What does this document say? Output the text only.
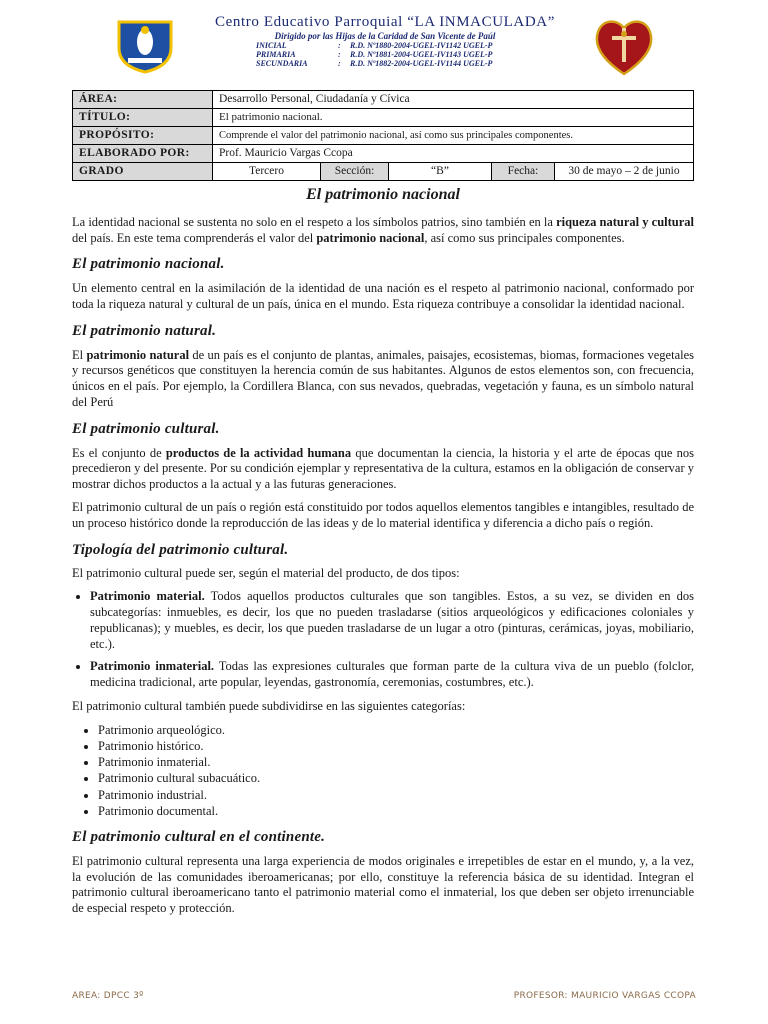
Centro Educativo Parroquial “LA INMACULADA”
Dirigido por las Hijas de la Caridad de San Vicente de Paúl
INICIAL	: R.D. Nº1880-2004-UGEL-IV1142 UGEL-P
PRIMARIA	: R.D. Nº1881-2004-UGEL-IV1143 UGEL-P
SECUNDARIA	: R.D. Nº1882-2004-UGEL-IV1144 UGEL-P
ÁREA:	Desarrollo Personal, Ciudadanía y Cívica				
TÍTULO:	El patrimonio nacional.				
PROPÓSITO:	Comprende el valor del patrimonio nacional, así como sus principales componentes.				
ELABORADO POR:	Prof. Mauricio Vargas Ccopa				
GRADO	Tercero	Sección:	“B”	Fecha:	30 de mayo – 2 de junio
El patrimonio nacional

La identidad nacional se sustenta no solo en el respeto a los símbolos patrios, sino también en la riqueza natural y cultural del país. En este tema comprenderás el valor del patrimonio nacional, así como sus principales componentes.

El patrimonio nacional.

Un elemento central en la asimilación de la identidad de una nación es el respeto al patrimonio nacional, conformado por toda la riqueza natural y cultural de un país, única en el mundo. Esta riqueza contribuye a consolidar la identidad nacional.

El patrimonio natural.

El patrimonio natural de un país es el conjunto de plantas, animales, paisajes, ecosistemas, biomas, formaciones vegetales y recursos genéticos que constituyen la herencia común de sus habitantes. Algunos de estos elementos son, con frecuencia, únicos en el país. Por ejemplo, la Cordillera Blanca, con sus nevados, quebradas, vegetación y fauna, es un símbolo natural del Perú

El patrimonio cultural.

Es el conjunto de productos de la actividad humana que documentan la ciencia, la historia y el arte de épocas que nos precedieron y del presente. Por su condición ejemplar y representativa de la cultura, estamos en la obligación de conservar y mostrar dichos productos a la actual y a las futuras generaciones.

El patrimonio cultural de un país o región está constituido por todos aquellos elementos tangibles e intangibles, resultado de un proceso histórico donde la reproducción de las ideas y de lo material identifica y diferencia a dicho país o región.

Tipología del patrimonio cultural.

El patrimonio cultural puede ser, según el material del producto, de dos tipos:

• Patrimonio material. Todos aquellos productos culturales que son tangibles. Estos, a su vez, se dividen en dos subcategorías: inmuebles, es decir, los que no pueden trasladarse (sitios arqueológicos y edificaciones coloniales y republicanas); y muebles, es decir, los que pueden trasladarse de un lugar a otro (pinturas, cerámicas, joyas, mobiliario, etc.).
• Patrimonio inmaterial. Todas las expresiones culturales que forman parte de la cultura viva de un pueblo (folclor, medicina tradicional, arte popular, leyendas, gastronomía, ceremonias, costumbres, etc.).

El patrimonio cultural también puede subdividirse en las siguientes categorías:

• Patrimonio arqueológico.
• Patrimonio histórico.
• Patrimonio inmaterial.
• Patrimonio cultural subacuático.
• Patrimonio industrial.
• Patrimonio documental.
El patrimonio cultural en el continente.

El patrimonio cultural representa una larga experiencia de modos originales e irrepetibles de estar en el mundo, y, a la vez, la evolución de las comunidades iberoamericanas; por ello, constituye la referencia básica de su identidad. Integran el patrimonio cultural iberoamericano tanto el patrimonio material como el inmaterial, los que deben ser objeto irrenunciable de especial respeto y protección.

AREA: DPCC 3º	PROFESOR: MAURICIO VARGAS CCOPA
